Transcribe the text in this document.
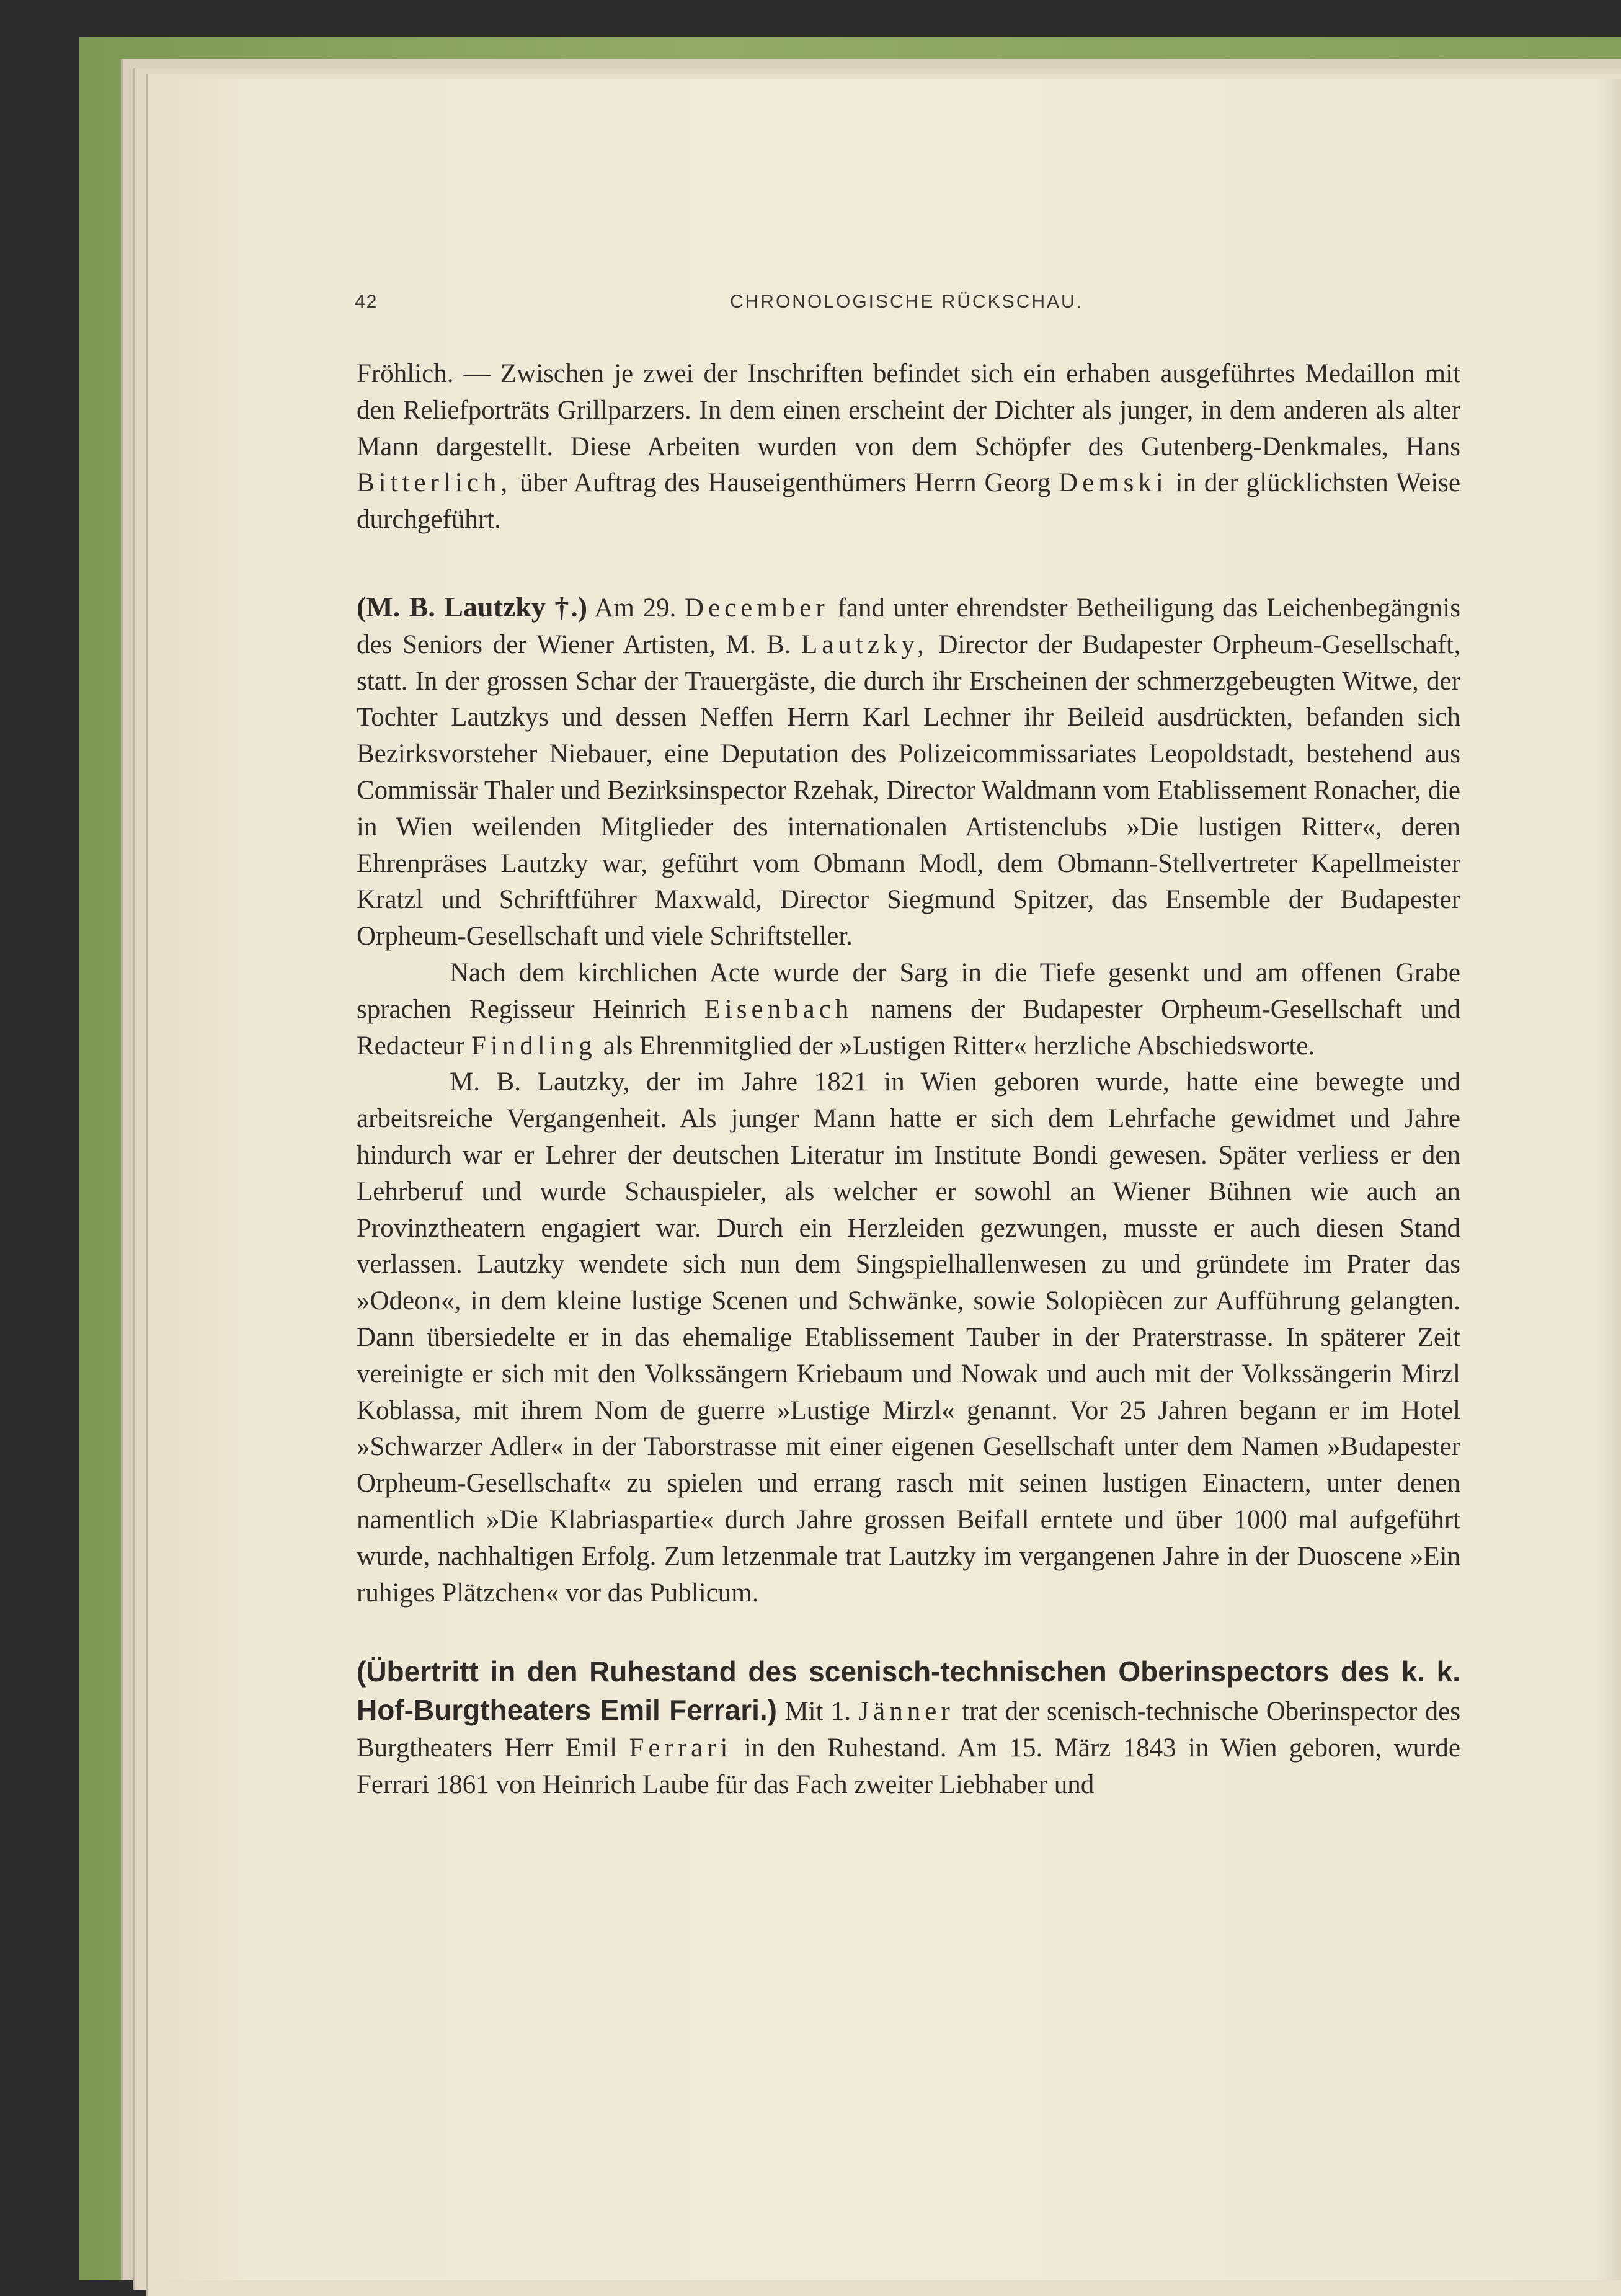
42	CHRONOLOGISCHE RÜCKSCHAU.

Fröhlich. — Zwischen je zwei der Inschriften befindet sich ein erhaben ausgeführtes Medaillon mit den Reliefporträts Grillparzers. In dem einen erscheint der Dichter als junger, in dem anderen als alter Mann dargestellt. Diese Arbeiten wurden von dem Schöpfer des Gutenberg-Denkmales, Hans Bitterlich, über Auftrag des Hauseigenthümers Herrn Georg Demski in der glücklichsten Weise durchgeführt.

(M. B. Lautzky †.) Am 29. December fand unter ehrendster Betheiligung das Leichenbegängnis des Seniors der Wiener Artisten, M. B. Lautzky, Director der Budapester Orpheum-Gesellschaft, statt. In der grossen Schar der Trauergäste, die durch ihr Erscheinen der schmerzgebeugten Witwe, der Tochter Lautzkys und dessen Neffen Herrn Karl Lechner ihr Beileid ausdrückten, befanden sich Bezirksvorsteher Niebauer, eine Deputation des Polizeicommissariates Leopoldstadt, bestehend aus Commissär Thaler und Bezirksinspector Rzehak, Director Waldmann vom Etablissement Ronacher, die in Wien weilenden Mitglieder des internationalen Artistenclubs »Die lustigen Ritter«, deren Ehrenpräses Lautzky war, geführt vom Obmann Modl, dem Obmann-Stellvertreter Kapellmeister Kratzl und Schriftführer Maxwald, Director Siegmund Spitzer, das Ensemble der Budapester Orpheum-Gesellschaft und viele Schriftsteller.

Nach dem kirchlichen Acte wurde der Sarg in die Tiefe gesenkt und am offenen Grabe sprachen Regisseur Heinrich Eisenbach namens der Budapester Orpheum-Gesellschaft und Redacteur Findling als Ehrenmitglied der »Lustigen Ritter« herzliche Abschiedsworte.

M. B. Lautzky, der im Jahre 1821 in Wien geboren wurde, hatte eine bewegte und arbeitsreiche Vergangenheit. Als junger Mann hatte er sich dem Lehrfache gewidmet und Jahre hindurch war er Lehrer der deutschen Literatur im Institute Bondi gewesen. Später verliess er den Lehrberuf und wurde Schauspieler, als welcher er sowohl an Wiener Bühnen wie auch an Provinztheatern engagiert war. Durch ein Herzleiden gezwungen, musste er auch diesen Stand verlassen. Lautzky wendete sich nun dem Singspielhallenwesen zu und gründete im Prater das »Odeon«, in dem kleine lustige Scenen und Schwänke, sowie Solopiècen zur Aufführung gelangten. Dann übersiedelte er in das ehemalige Etablissement Tauber in der Praterstrasse. In späterer Zeit vereinigte er sich mit den Volkssängern Kriebaum und Nowak und auch mit der Volkssängerin Mirzl Koblassa, mit ihrem Nom de guerre »Lustige Mirzl« genannt. Vor 25 Jahren begann er im Hotel »Schwarzer Adler« in der Taborstrasse mit einer eigenen Gesellschaft unter dem Namen »Budapester Orpheum-Gesellschaft« zu spielen und errang rasch mit seinen lustigen Einactern, unter denen namentlich »Die Klabriaspartie« durch Jahre grossen Beifall erntete und über 1000 mal aufgeführt wurde, nachhaltigen Erfolg. Zum letzenmale trat Lautzky im vergangenen Jahre in der Duoscene »Ein ruhiges Plätzchen« vor das Publicum.

(Übertritt in den Ruhestand des scenisch-technischen Oberinspectors des k. k. Hof-Burgtheaters Emil Ferrari.) Mit 1. Jänner trat der scenisch-technische Oberinspector des Burgtheaters Herr Emil Ferrari in den Ruhestand. Am 15. März 1843 in Wien geboren, wurde Ferrari 1861 von Heinrich Laube für das Fach zweiter Liebhaber und
